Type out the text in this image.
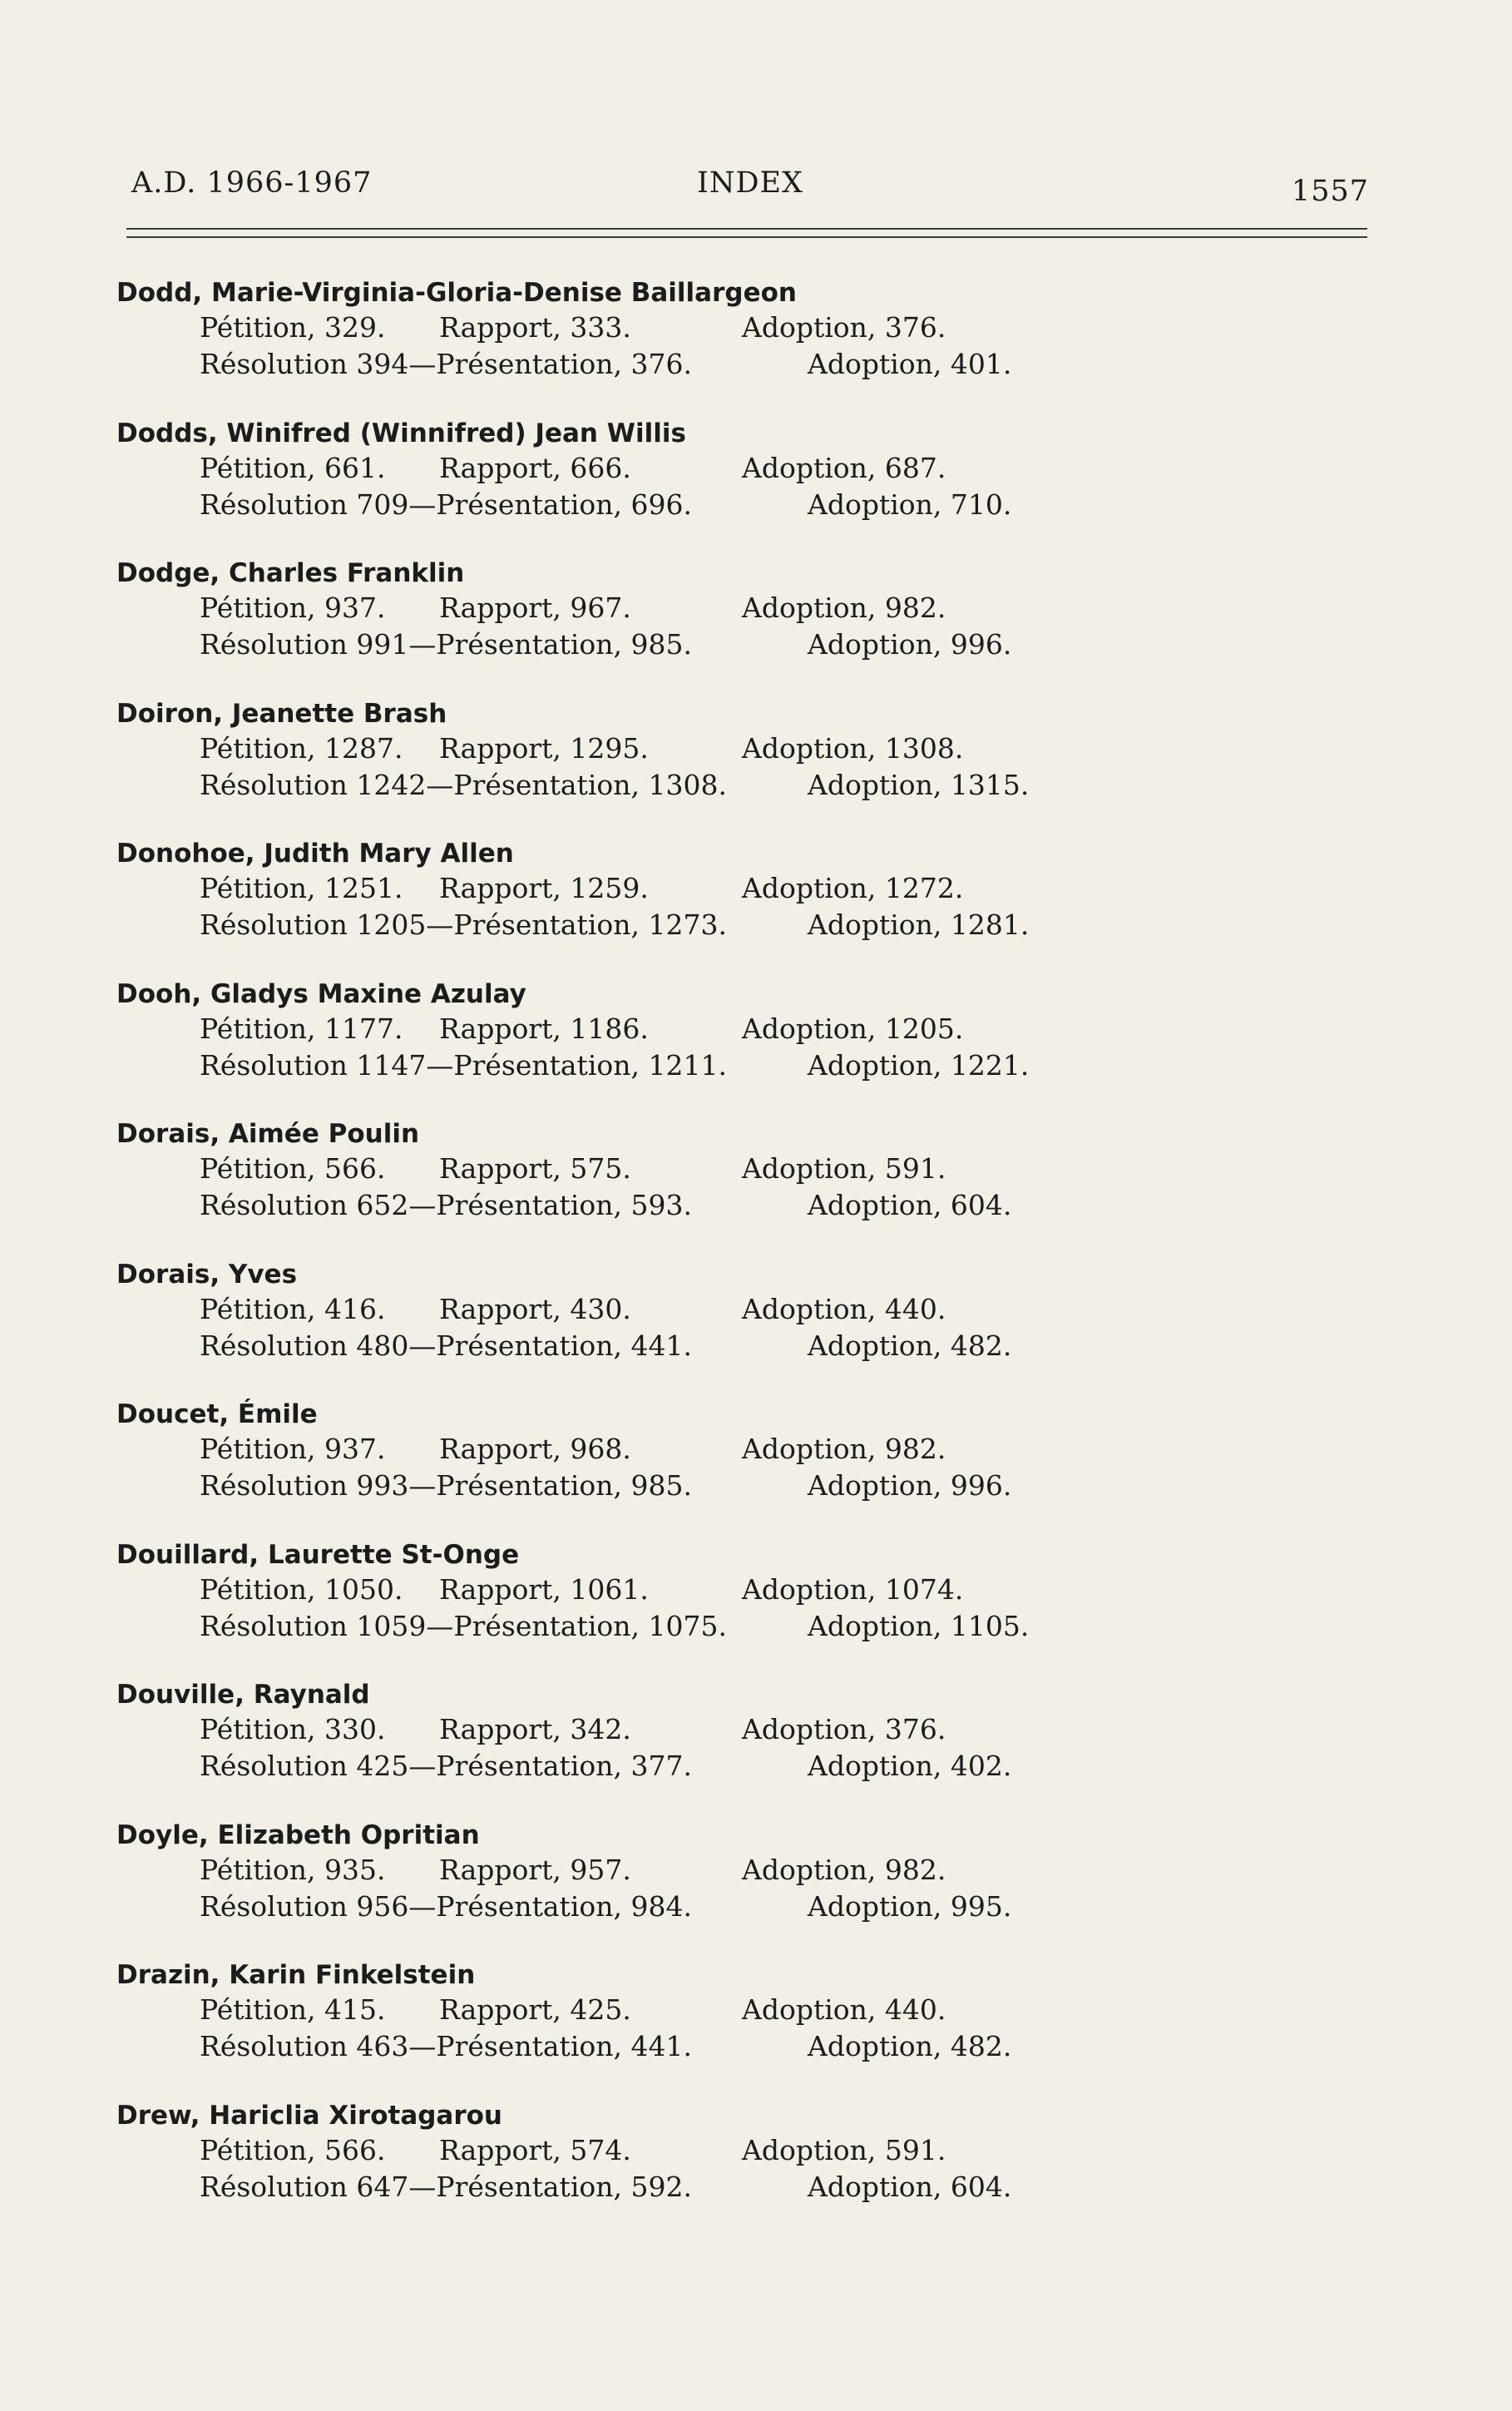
A.D. 1966-1967	INDEX	1557
Dodd, Marie-Virginia-Gloria-Denise Baillargeon
Pétition, 329. Rapport, 333.	Adoption, 376.
Résolution 394—Présentation, 376.	Adoption, 401.
Dodds, Winifred (Winnifred) Jean Willis
Pétition, 661. Rapport, 666.	Adoption, 687.
Résolution 709—Présentation, 696.	Adoption, 710.
Dodge, Charles Franklin
Pétition, 937. Rapport, 967.	Adoption, 982.
Résolution 991—Présentation, 985.	Adoption, 996.
Doiron, Jeanette Brash
Pétition, 1287. Rapport, 1295.	Adoption, 1308.
Résolution 1242—Présentation, 1308.	Adoption, 1315.
Donohoe, Judith Mary Allen
Pétition, 1251. Rapport, 1259.	Adoption, 1272.
Résolution 1205—Présentation, 1273.	Adoption, 1281.
Dooh, Gladys Maxine Azulay
Pétition, 1177. Rapport, 1186.	Adoption, 1205.
Résolution 1147—Présentation, 1211.	Adoption, 1221.
Dorais, Aimée Poulin
Pétition, 566. Rapport, 575.	Adoption, 591.
Résolution 652—Présentation, 593.	Adoption, 604.
Dorais, Yves
Pétition, 416. Rapport, 430.	Adoption, 440.
Résolution 480—Présentation, 441.	Adoption, 482.
Doucet, Émile
Pétition, 937. Rapport, 968.	Adoption, 982.
Résolution 993—Présentation, 985.	Adoption, 996.
Douillard, Laurette St-Onge
Pétition, 1050. Rapport, 1061.	Adoption, 1074.
Résolution 1059—Présentation, 1075.	Adoption, 1105.
Douville, Raynald
Pétition, 330. Rapport, 342.	Adoption, 376.
Résolution 425—Présentation, 377.	Adoption, 402.
Doyle, Elizabeth Opritian
Pétition, 935. Rapport, 957.	Adoption, 982.
Résolution 956—Présentation, 984.	Adoption, 995.
Drazin, Karin Finkelstein
Pétition, 415. Rapport, 425.	Adoption, 440.
Résolution 463—Présentation, 441.	Adoption, 482.
Drew, Hariclia Xirotagarou
Pétition, 566. Rapport, 574.	Adoption, 591.
Résolution 647—Présentation, 592.	Adoption, 604.
